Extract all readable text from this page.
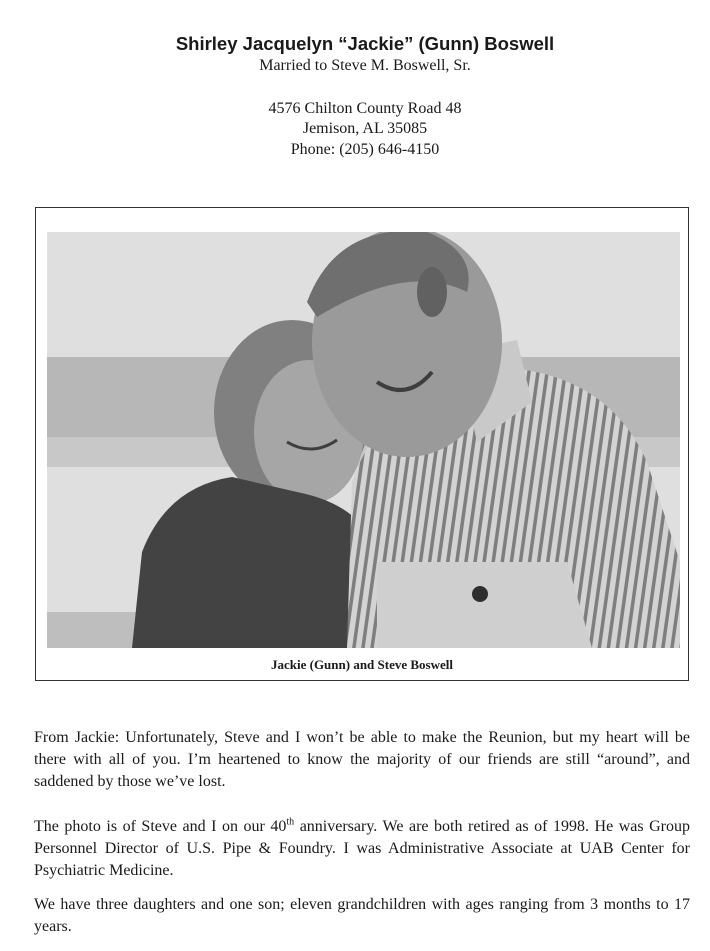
Shirley Jacquelyn “Jackie” (Gunn) Boswell
Married to Steve M. Boswell, Sr.
4576 Chilton County Road 48
Jemison, AL 35085
Phone: (205) 646-4150
Jackie (Gunn) and Steve Boswell
From Jackie: Unfortunately, Steve and I won’t be able to make the Reunion, but my heart will be there with all of you. I’m heartened to know the majority of our friends are still “around”, and saddened by those we’ve lost.
The photo is of Steve and I on our 40th anniversary. We are both retired as of 1998. He was Group Personnel Director of U.S. Pipe & Foundry. I was Administrative Associate at UAB Center for Psychiatric Medicine.
We have three daughters and one son; eleven grandchildren with ages ranging from 3 months to 17 years.
